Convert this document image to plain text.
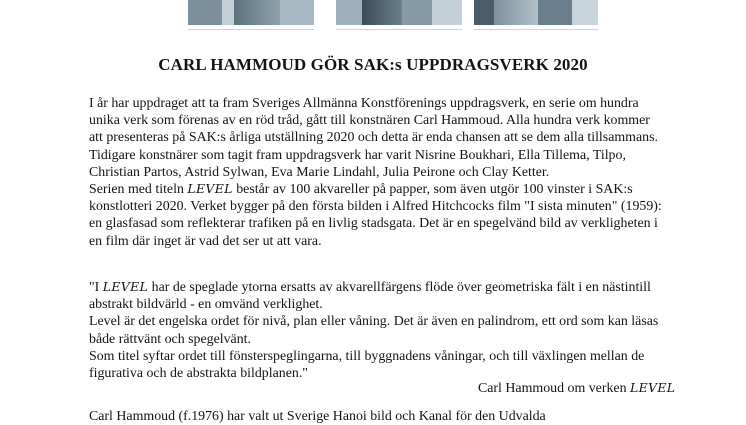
CARL HAMMOUD GÖR SAK:s UPPDRAGSVERK 2020
I år har uppdraget att ta fram Sveriges Allmänna Konstförenings uppdragsverk, en serie om hundra
unika verk som förenas av en röd tråd, gått till konstnären Carl Hammoud. Alla hundra verk kommer
att presenteras på SAK:s årliga utställning 2020 och detta är enda chansen att se dem alla tillsammans.
Tidigare konstnärer som tagit fram uppdragsverk har varit Nisrine Boukhari, Ella Tillema, Tilpo,
Christian Partos, Astrid Sylwan, Eva Marie Lindahl, Julia Peirone och Clay Ketter.
Serien med titeln LEVEL består av 100 akvareller på papper, som även utgör 100 vinster i SAK:s
konstlotteri 2020. Verket bygger på den första bilden i Alfred Hitchcocks film "I sista minuten" (1959):
en glasfasad som reflekterar trafiken på en livlig stadsgata. Det är en spegelvänd bild av verkligheten i
en film där inget är vad det ser ut att vara.
"I LEVEL har de speglade ytorna ersatts av akvarellfärgens flöde över geometriska fält i en nästintill
abstrakt bildvärld - en omvänd verklighet.
Level är det engelska ordet för nivå, plan eller våning. Det är även en palindrom, ett ord som kan läsas
både rättvänt och spegelvänt.
Som titel syftar ordet till fönsterspeglingarna, till byggnadens våningar, och till växlingen mellan de
figurativa och de abstrakta bildplanen."
Carl Hammoud om verken LEVEL
Carl Hammoud (f.1976) har valt ut Sverige Hanoi bild och Kanal för den Udvalda
